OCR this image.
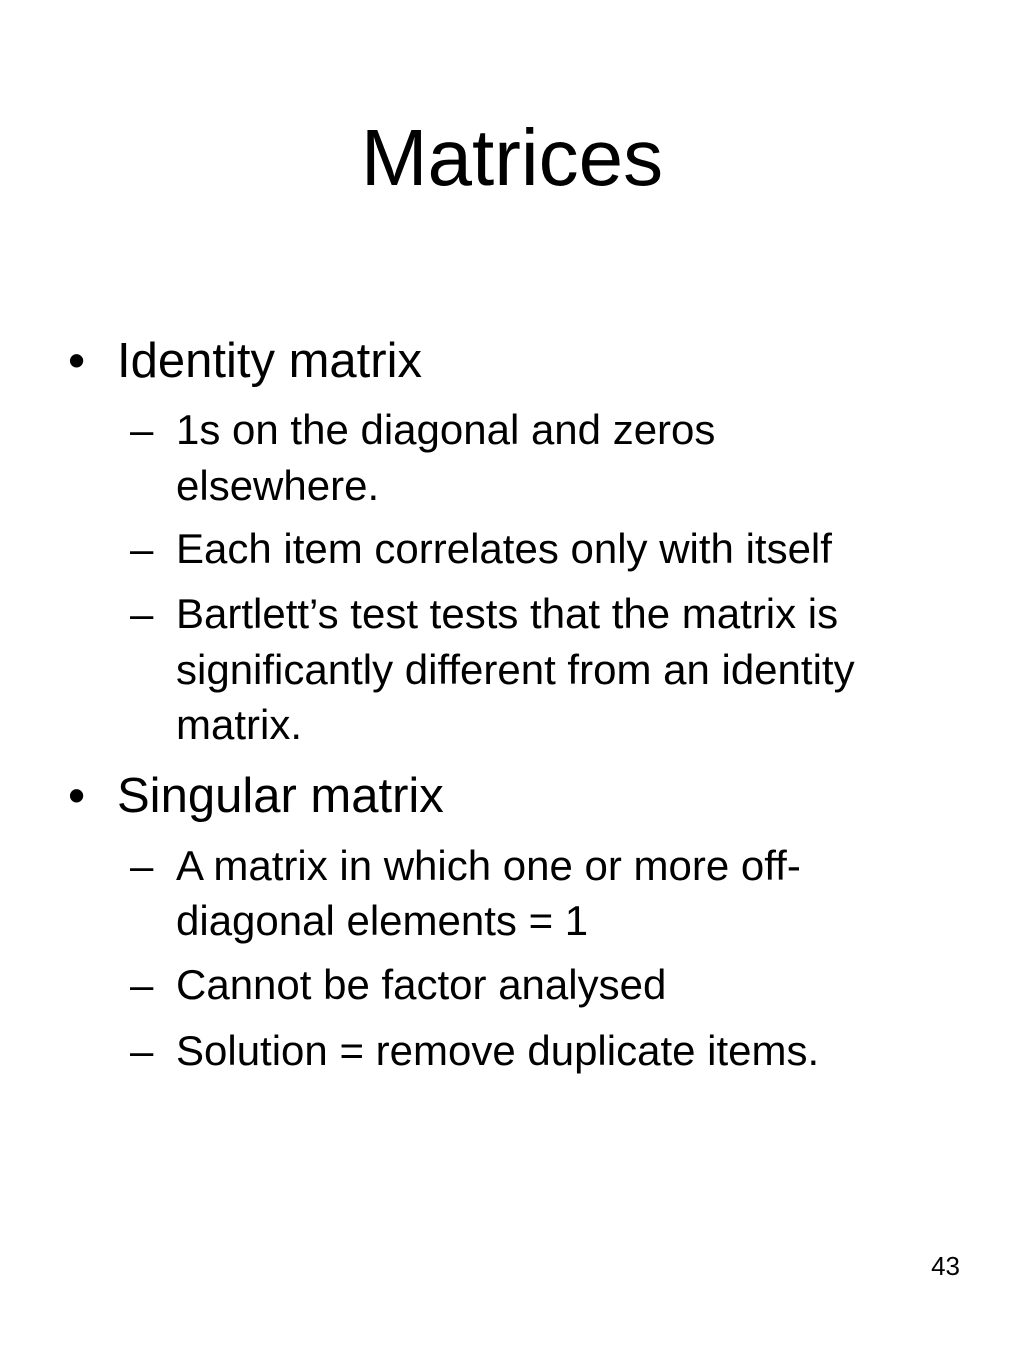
Matrices
• Identity matrix

– 1s on the diagonal and zeros

elsewhere.

– Each item correlates only with itself

– Bartlett’s test tests that the matrix is

significantly different from an identity

matrix.

• Singular matrix

– A matrix in which one or more off-

diagonal elements = 1

– Cannot be factor analysed

– Solution = remove duplicate items.

43
